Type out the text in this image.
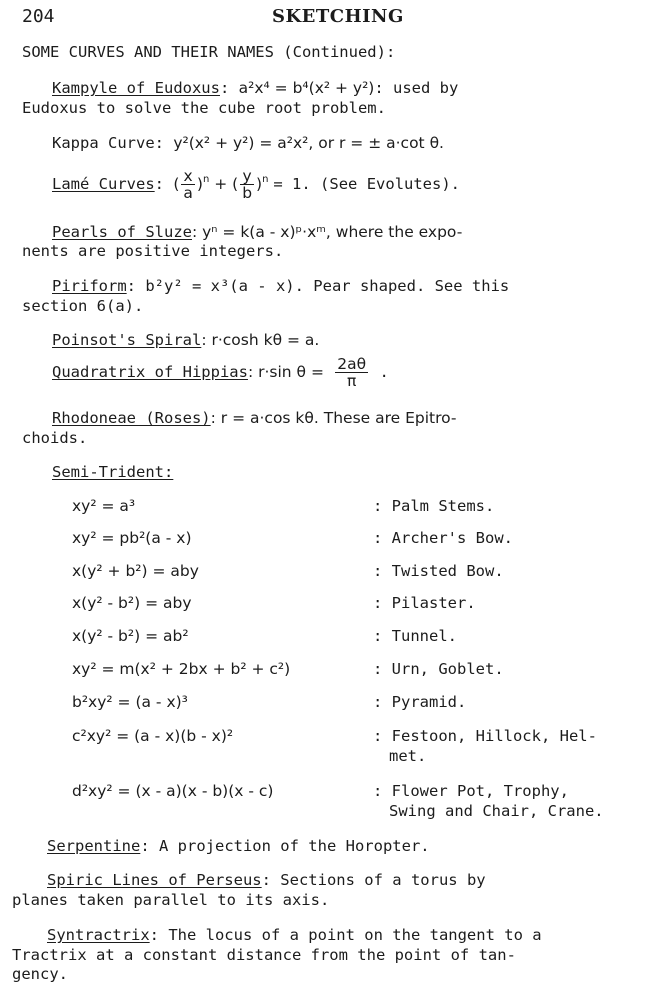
204	SKETCHING
SOME CURVES AND THEIR NAMES (Continued):
Kampyle of Eudoxus: a²x⁴ = b⁴(x² + y²): used by
Eudoxus to solve the cube root problem.
Kappa Curve: y²(x² + y²) = a²x², or r = ± a·cot θ.
Lamé Curves: ( $\frac{x}{a} )^n$ + ( $\frac{y}{b} )^n = 1$. (See Evolutes).
Pearls of Sluze: yⁿ = k(a - x)ᵖ·xᵐ, where the expo-
nents are positive integers.
Piriform: b²y² = x³(a - x). Pear shaped. See this
section 6(a).
Poinsot's Spiral: r·cosh kθ = a.
Quadratrix of Hippias: r·sin $\theta = \frac{2a\theta}{\pi}$ .
Rhodoneae (Roses): r = a·cos kθ. These are Epitro-
choids.
Semi-Trident:
xy² = a³	: Palm Stems.
xy² = pb²(a - x)	: Archer's Bow.
x(y² + b²) = aby	: Twisted Bow.
x(y² - b²) = aby	: Pilaster.
x(y² - b²) = ab²	: Tunnel.
xy² = m(x² + 2bx + b² + c²)	: Urn, Goblet.
b²xy² = (a - x)³	: Pyramid.
c²xy² = (a - x)(b - x)²	: Festoon, Hillock, Hel-
met.
d²xy² = (x - a)(x - b)(x - c)	: Flower Pot, Trophy,
Swing and Chair, Crane.
Serpentine: A projection of the Horopter.
Spiric Lines of Perseus: Sections of a torus by
planes taken parallel to its axis.
Syntractrix: The locus of a point on the tangent to a
Tractrix at a constant distance from the point of tan-
gency.
